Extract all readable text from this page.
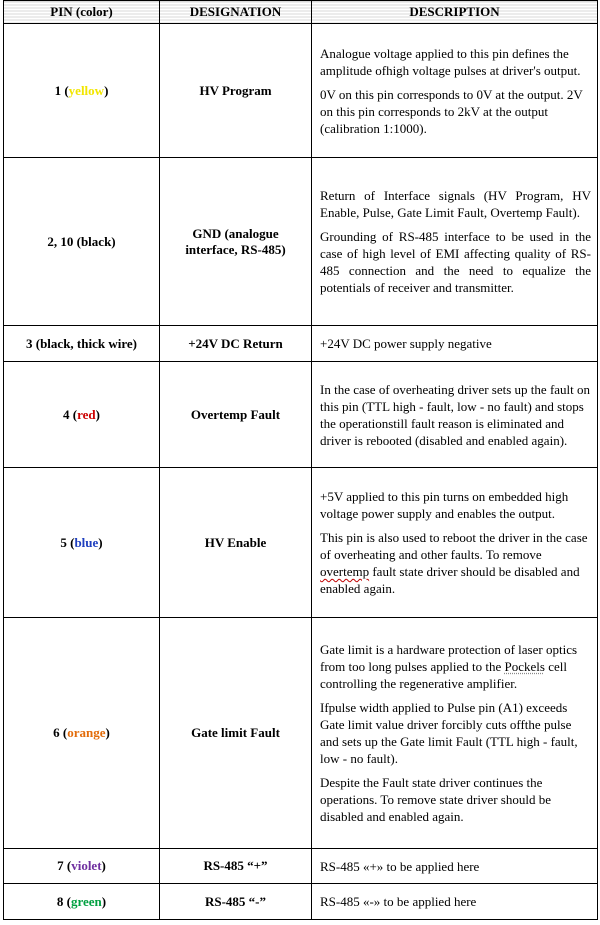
PIN (color)	DESIGNATION	DESCRIPTION
1 (yellow)	HV Program	Analogue voltage applied to this pin defines the amplitude ofhigh voltage pulses at driver's output.

0V on this pin corresponds to 0V at the output. 2V on this pin corresponds to 2kV at the output (calibration 1:1000).

2, 10 (black)	GND (analogue interface, RS-485)	Return of Interface signals (HV Program, HV Enable, Pulse, Gate Limit Fault, Overtemp Fault).

Grounding of RS-485 interface to be used in the case of high level of EMI affecting quality of RS-485 connection and the need to equalize the potentials of receiver and transmitter.

3 (black, thick wire)	+24V DC Return	+24V DC power supply negative

4 (red)	Overtemp Fault	In the case of overheating driver sets up the fault on this pin (TTL high - fault, low - no fault) and stops the operationstill fault reason is eliminated and driver is rebooted (disabled and enabled again).

5 (blue)	HV Enable	+5V applied to this pin turns on embedded high voltage power supply and enables the output.

This pin is also used to reboot the driver in the case of overheating and other faults. To remove overtemp fault state driver should be disabled and enabled again.

6 (orange)	Gate limit Fault	Gate limit is a hardware protection of laser optics from too long pulses applied to the Pockels cell controlling the regenerative amplifier.

Ifpulse width applied to Pulse pin (A1) exceeds Gate limit value driver forcibly cuts offthe pulse and sets up the Gate limit Fault (TTL high - fault, low - no fault).

Despite the Fault state driver continues the operations. To remove state driver should be disabled and enabled again.

7 (violet)	RS-485 “+”	RS-485 «+» to be applied here

8 (green)	RS-485 “-”	RS-485 «-» to be applied here
